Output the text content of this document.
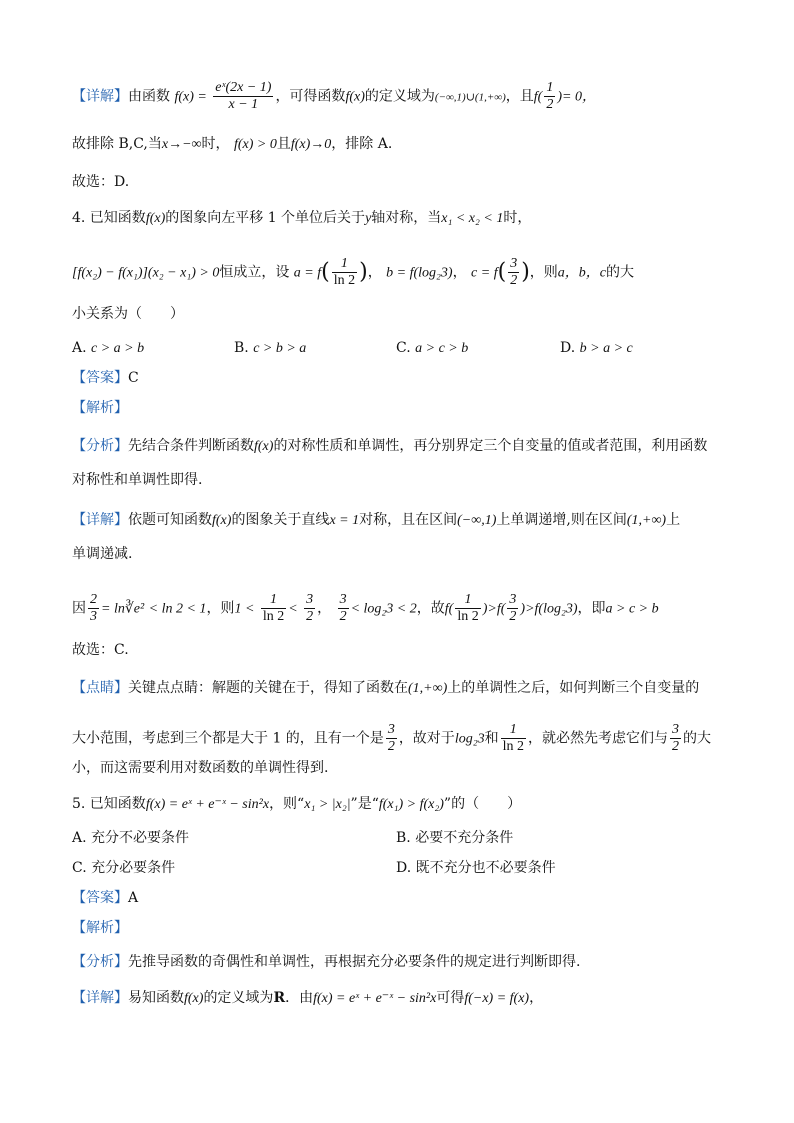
【详解】由函数 $f(x) = \frac{\text{eˣ(2x − 1)}}{x - 1}$ ，可得函数f(x)的定义域为(−∞,1)∪(1,+∞)，且$f( \frac{1}{2}$ )= 0，
故排除 B,C,当x→−∞时， f(x) > 0且f(x)→0，排除 A.
故选：D.
4. 已知函数f(x)的图象向左平移 1 个单位后关于y轴对称，当x₁ < x₂ < 1时，
[f(x₂) − f(x₁)](x₂ − x₁) > 0恒成立，设 $a = f( \frac{1}{\ln 2}$ )， b = f(log₂3)， $c = f( \frac{3}{2}$ )，则a，b，c的大
小关系为（　　）
A. c > a > b	B. c > b > a	C. a > c > b	D. b > a > c
【答案】C
【解析】
【分析】先结合条件判断函数f(x)的对称性质和单调性，再分别界定三个自变量的值或者范围，利用函数
对称性和单调性即得.
【详解】依题可知函数f(x)的图象关于直线x = 1对称，且在区间(−∞,1)上单调递增,则在区间(1,+∞)上
单调递减.
因 $\frac{2}{3}$ = ln∛e² < ln 2 < 1，则$1 < \frac{1}{\ln 2} < \frac{3}{2}$ ， $\frac{3}{2} < \log_23 < 2$，故$f( \frac{1}{\ln 2} )>f( \frac{3}{2} )>f(\log_23)$，即a > c > b
故选：C.
【点睛】关键点点睛：解题的关键在于，得知了函数在(1,+∞)上的单调性之后，如何判断三个自变量的
大小范围，考虑到三个都是大于 1 的，且有一个是 $\frac{3}{2}$ ，故对于log₂3和 $\frac{1}{\ln 2}$ ，就必然先考虑它们与 $\frac{3}{2}$ 的大
小，而这需要利用对数函数的单调性得到.
5. 已知函数f(x) = eˣ + e⁻ˣ − sin²x，则“x₁ > |x₂|”是“f(x₁) > f(x₂)”的（　　）
A. 充分不必要条件	B. 必要不充分条件
C. 充分必要条件	D. 既不充分也不必要条件
【答案】A
【解析】
【分析】先推导函数的奇偶性和单调性，再根据充分必要条件的规定进行判断即得.
【详解】易知函数f(x)的定义域为R．由f(x) = eˣ + e⁻ˣ − sin²x可得f(−x) = f(x)，
